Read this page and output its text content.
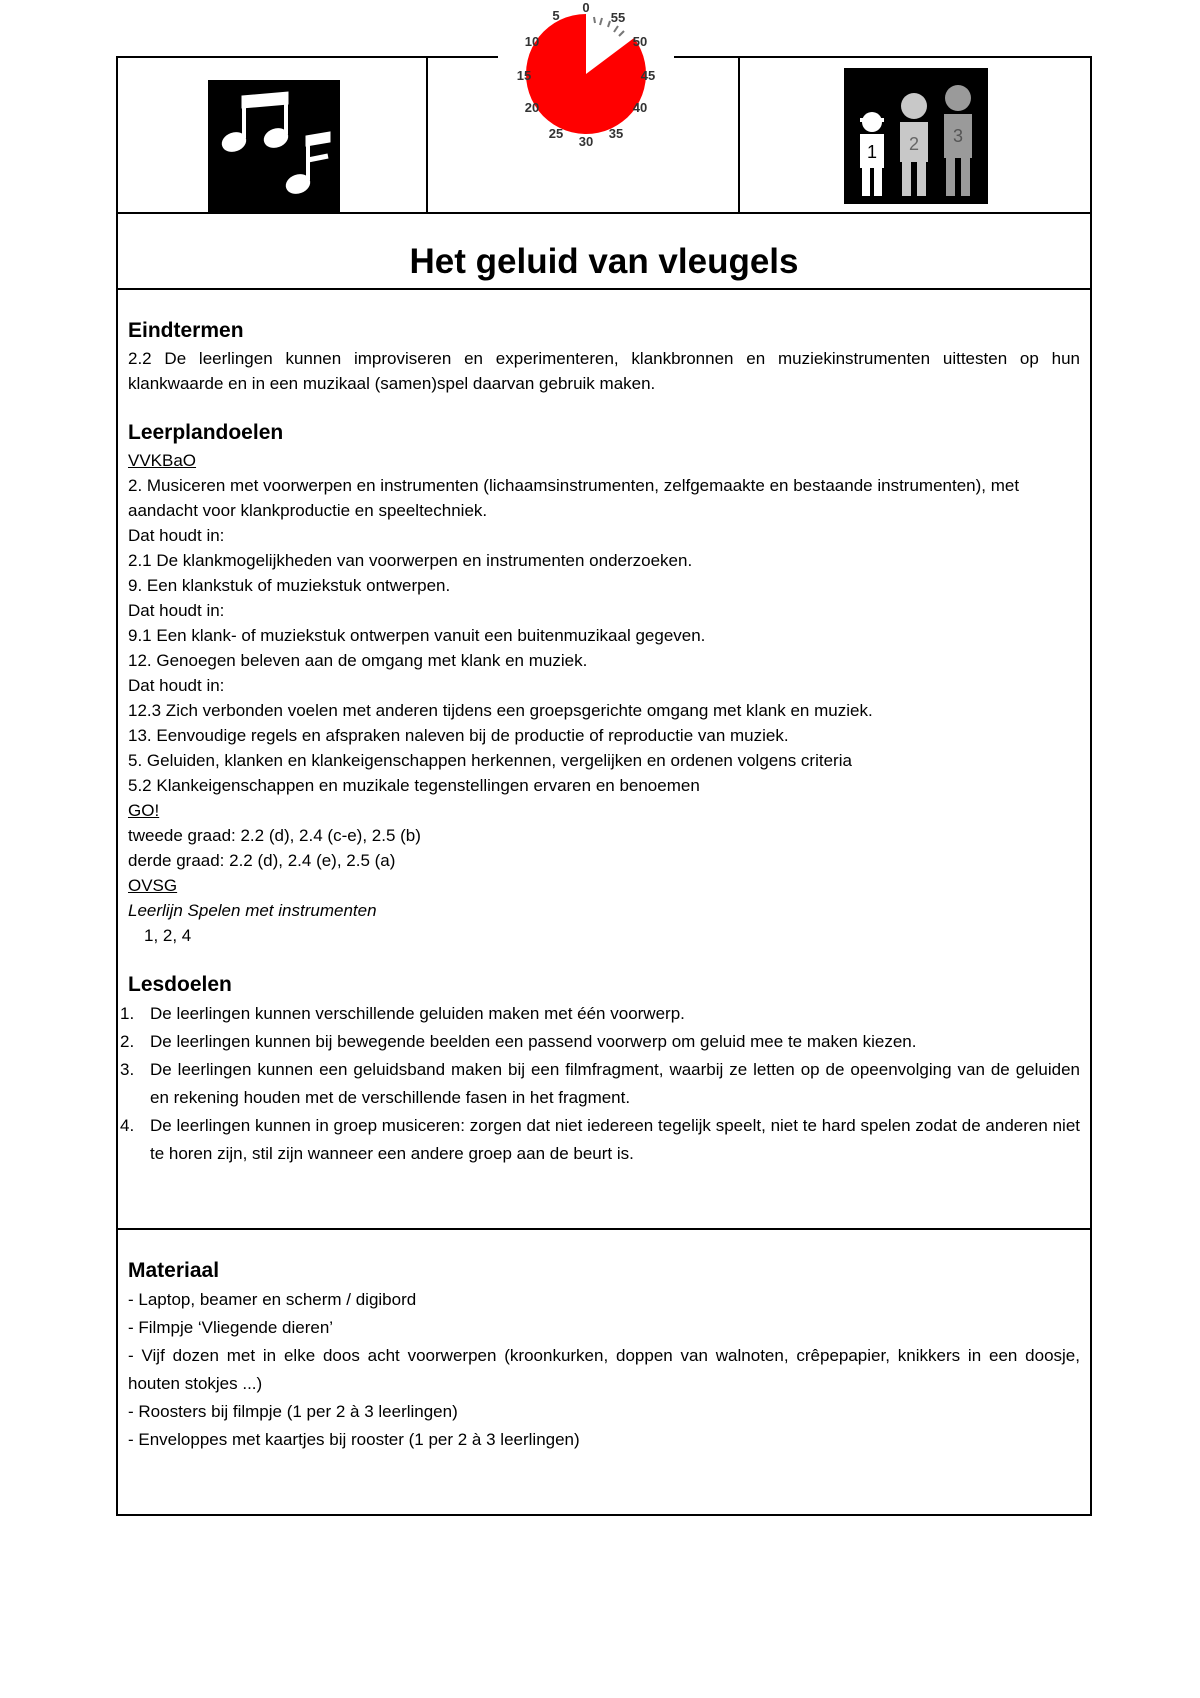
1 2 3
0
5
10
15
20
25
30
35
40
45
50
55
Het geluid van vleugels
Eindtermen
2.2 De leerlingen kunnen improviseren en experimenteren, klankbronnen en muziekinstrumenten uittesten op hun klankwaarde en in een muzikaal (samen)spel daarvan gebruik maken.
Leerplandoelen
VVKBaO
2. Musiceren met voorwerpen en instrumenten (lichaamsinstrumenten, zelfgemaakte en bestaande instrumenten), met aandacht voor klankproductie en speeltechniek.
Dat houdt in:
2.1 De klankmogelijkheden van voorwerpen en instrumenten onderzoeken.
9. Een klankstuk of muziekstuk ontwerpen.
Dat houdt in:
9.1 Een klank- of muziekstuk ontwerpen vanuit een buitenmuzikaal gegeven.
12. Genoegen beleven aan de omgang met klank en muziek.
Dat houdt in:
12.3 Zich verbonden voelen met anderen tijdens een groepsgerichte omgang met klank en muziek.
13. Eenvoudige regels en afspraken naleven bij de productie of reproductie van muziek.
5. Geluiden, klanken en klankeigenschappen herkennen, vergelijken en ordenen volgens criteria
5.2 Klankeigenschappen en muzikale tegenstellingen ervaren en benoemen
GO!
tweede graad: 2.2 (d), 2.4 (c-e), 2.5 (b)
derde graad: 2.2 (d), 2.4 (e), 2.5 (a)
OVSG
Leerlijn Spelen met instrumenten
1, 2, 4
Lesdoelen
1. De leerlingen kunnen verschillende geluiden maken met één voorwerp.
2. De leerlingen kunnen bij bewegende beelden een passend voorwerp om geluid mee te maken kiezen.
3. De leerlingen kunnen een geluidsband maken bij een filmfragment, waarbij ze letten op de opeenvolging van de geluiden en rekening houden met de verschillende fasen in het fragment.
4. De leerlingen kunnen in groep musiceren: zorgen dat niet iedereen tegelijk speelt, niet te hard spelen zodat de anderen niet te horen zijn, stil zijn wanneer een andere groep aan de beurt is.
Materiaal
- Laptop, beamer en scherm / digibord
- Filmpje ‘Vliegende dieren’
- Vijf dozen met in elke doos acht voorwerpen (kroonkurken, doppen van walnoten, crêpepapier, knikkers in een doosje, houten stokjes ...)
- Roosters bij filmpje (1 per 2 à 3 leerlingen)
- Enveloppes met kaartjes bij rooster (1 per 2 à 3 leerlingen)
